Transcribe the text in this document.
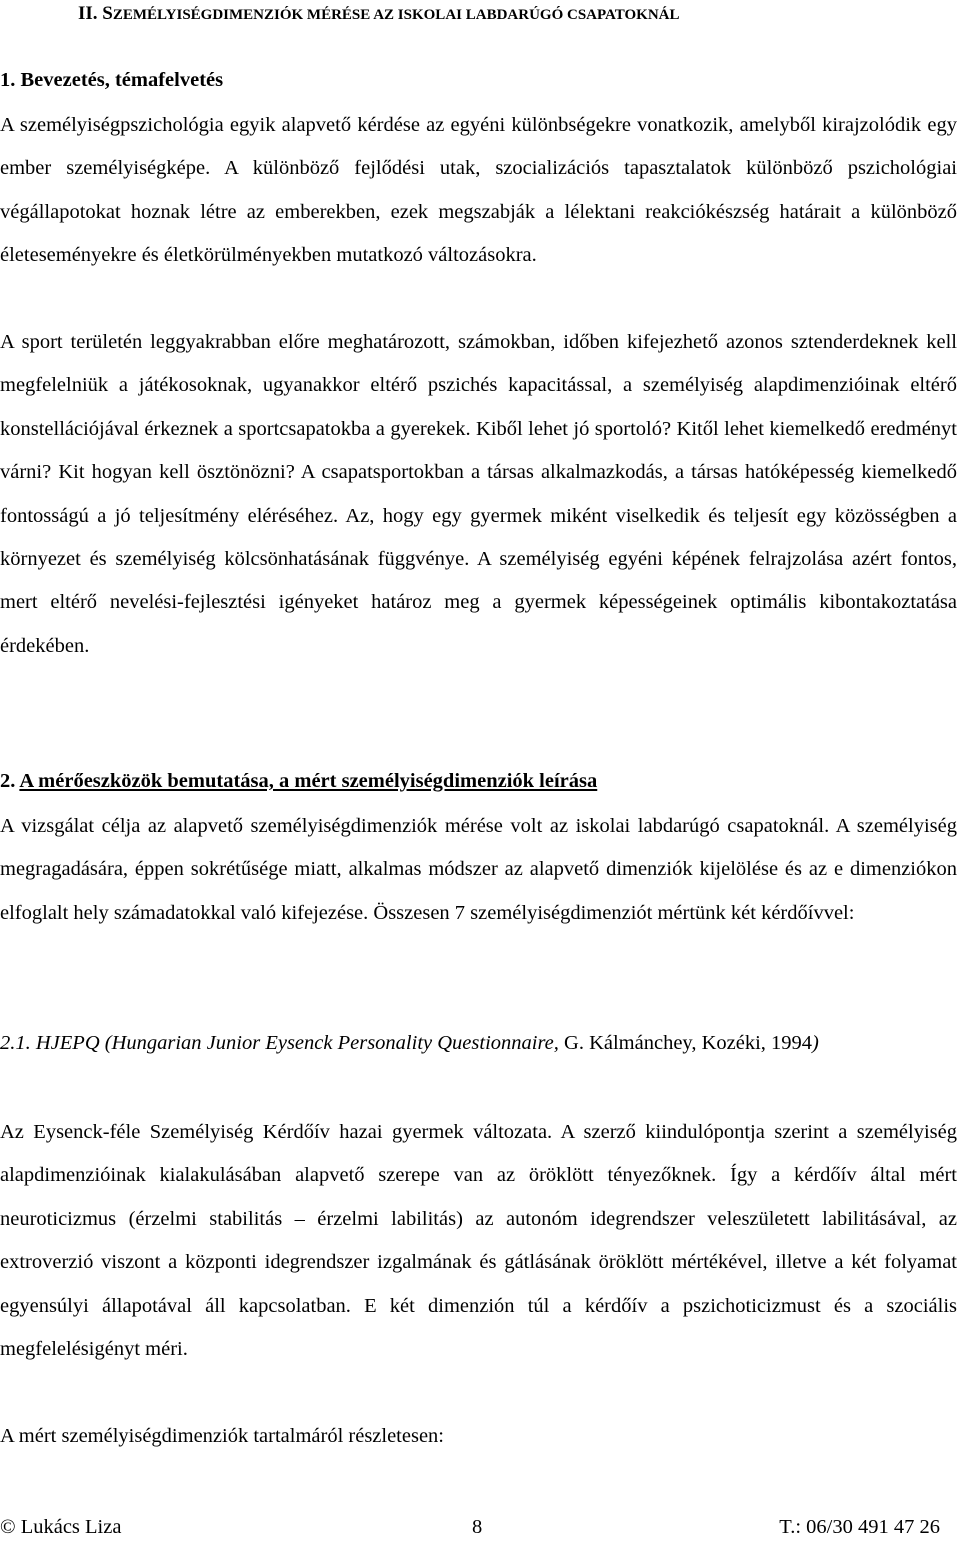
II. SZEMÉLYISÉGDIMENZIÓK MÉRÉSE AZ ISKOLAI LABDARÚGÓ CSAPATOKNÁL
1. Bevezetés, témafelvetés
A személyiségpszichológia egyik alapvető kérdése az egyéni különbségekre vonatkozik, amelyből kirajzolódik egy ember személyiségképe. A különböző fejlődési utak, szocializációs tapasztalatok különböző pszichológiai végállapotokat hoznak létre az emberekben, ezek megszabják a lélektani reakciókészség határait a különböző életeseményekre és életkörülményekben mutatkozó változásokra.
A sport területén leggyakrabban előre meghatározott, számokban, időben kifejezhető azonos sztenderdeknek kell megfelelniük a játékosoknak, ugyanakkor eltérő pszichés kapacitással, a személyiség alapdimenzióinak eltérő konstellációjával érkeznek a sportcsapatokba a gyerekek. Kiből lehet jó sportoló? Kitől lehet kiemelkedő eredményt várni? Kit hogyan kell ösztönözni? A csapatsportokban a társas alkalmazkodás, a társas hatóképesség kiemelkedő fontosságú a jó teljesítmény eléréséhez. Az, hogy egy gyermek miként viselkedik és teljesít egy közösségben a környezet és személyiség kölcsönhatásának függvénye. A személyiség egyéni képének felrajzolása azért fontos, mert eltérő nevelési-fejlesztési igényeket határoz meg a gyermek képességeinek optimális kibontakoztatása érdekében.
2. A mérőeszközök bemutatása, a mért személyiségdimenziók leírása
A vizsgálat célja az alapvető személyiségdimenziók mérése volt az iskolai labdarúgó csapatoknál. A személyiség megragadására, éppen sokrétűsége miatt, alkalmas módszer az alapvető dimenziók kijelölése és az e dimenziókon elfoglalt hely számadatokkal való kifejezése. Összesen 7 személyiségdimenziót mértünk két kérdőívvel:
2.1. HJEPQ (Hungarian Junior Eysenck Personality Questionnaire, G. Kálmánchey, Kozéki, 1994)
Az Eysenck-féle Személyiség Kérdőív hazai gyermek változata. A szerző kiindulópontja szerint a személyiség alapdimenzióinak kialakulásában alapvető szerepe van az öröklött tényezőknek. Így a kérdőív által mért neuroticizmus (érzelmi stabilitás – érzelmi labilitás) az autonóm idegrendszer veleszületett labilitásával, az extroverzió viszont a központi idegrendszer izgalmának és gátlásának öröklött mértékével, illetve a két folyamat egyensúlyi állapotával áll kapcsolatban. E két dimenzión túl a kérdőív a pszichoticizmust és a szociális megfelelésigényt méri.
A mért személyiségdimenziók tartalmáról részletesen:
© Lukács Liza	8	T.: 06/30 491 47 26
